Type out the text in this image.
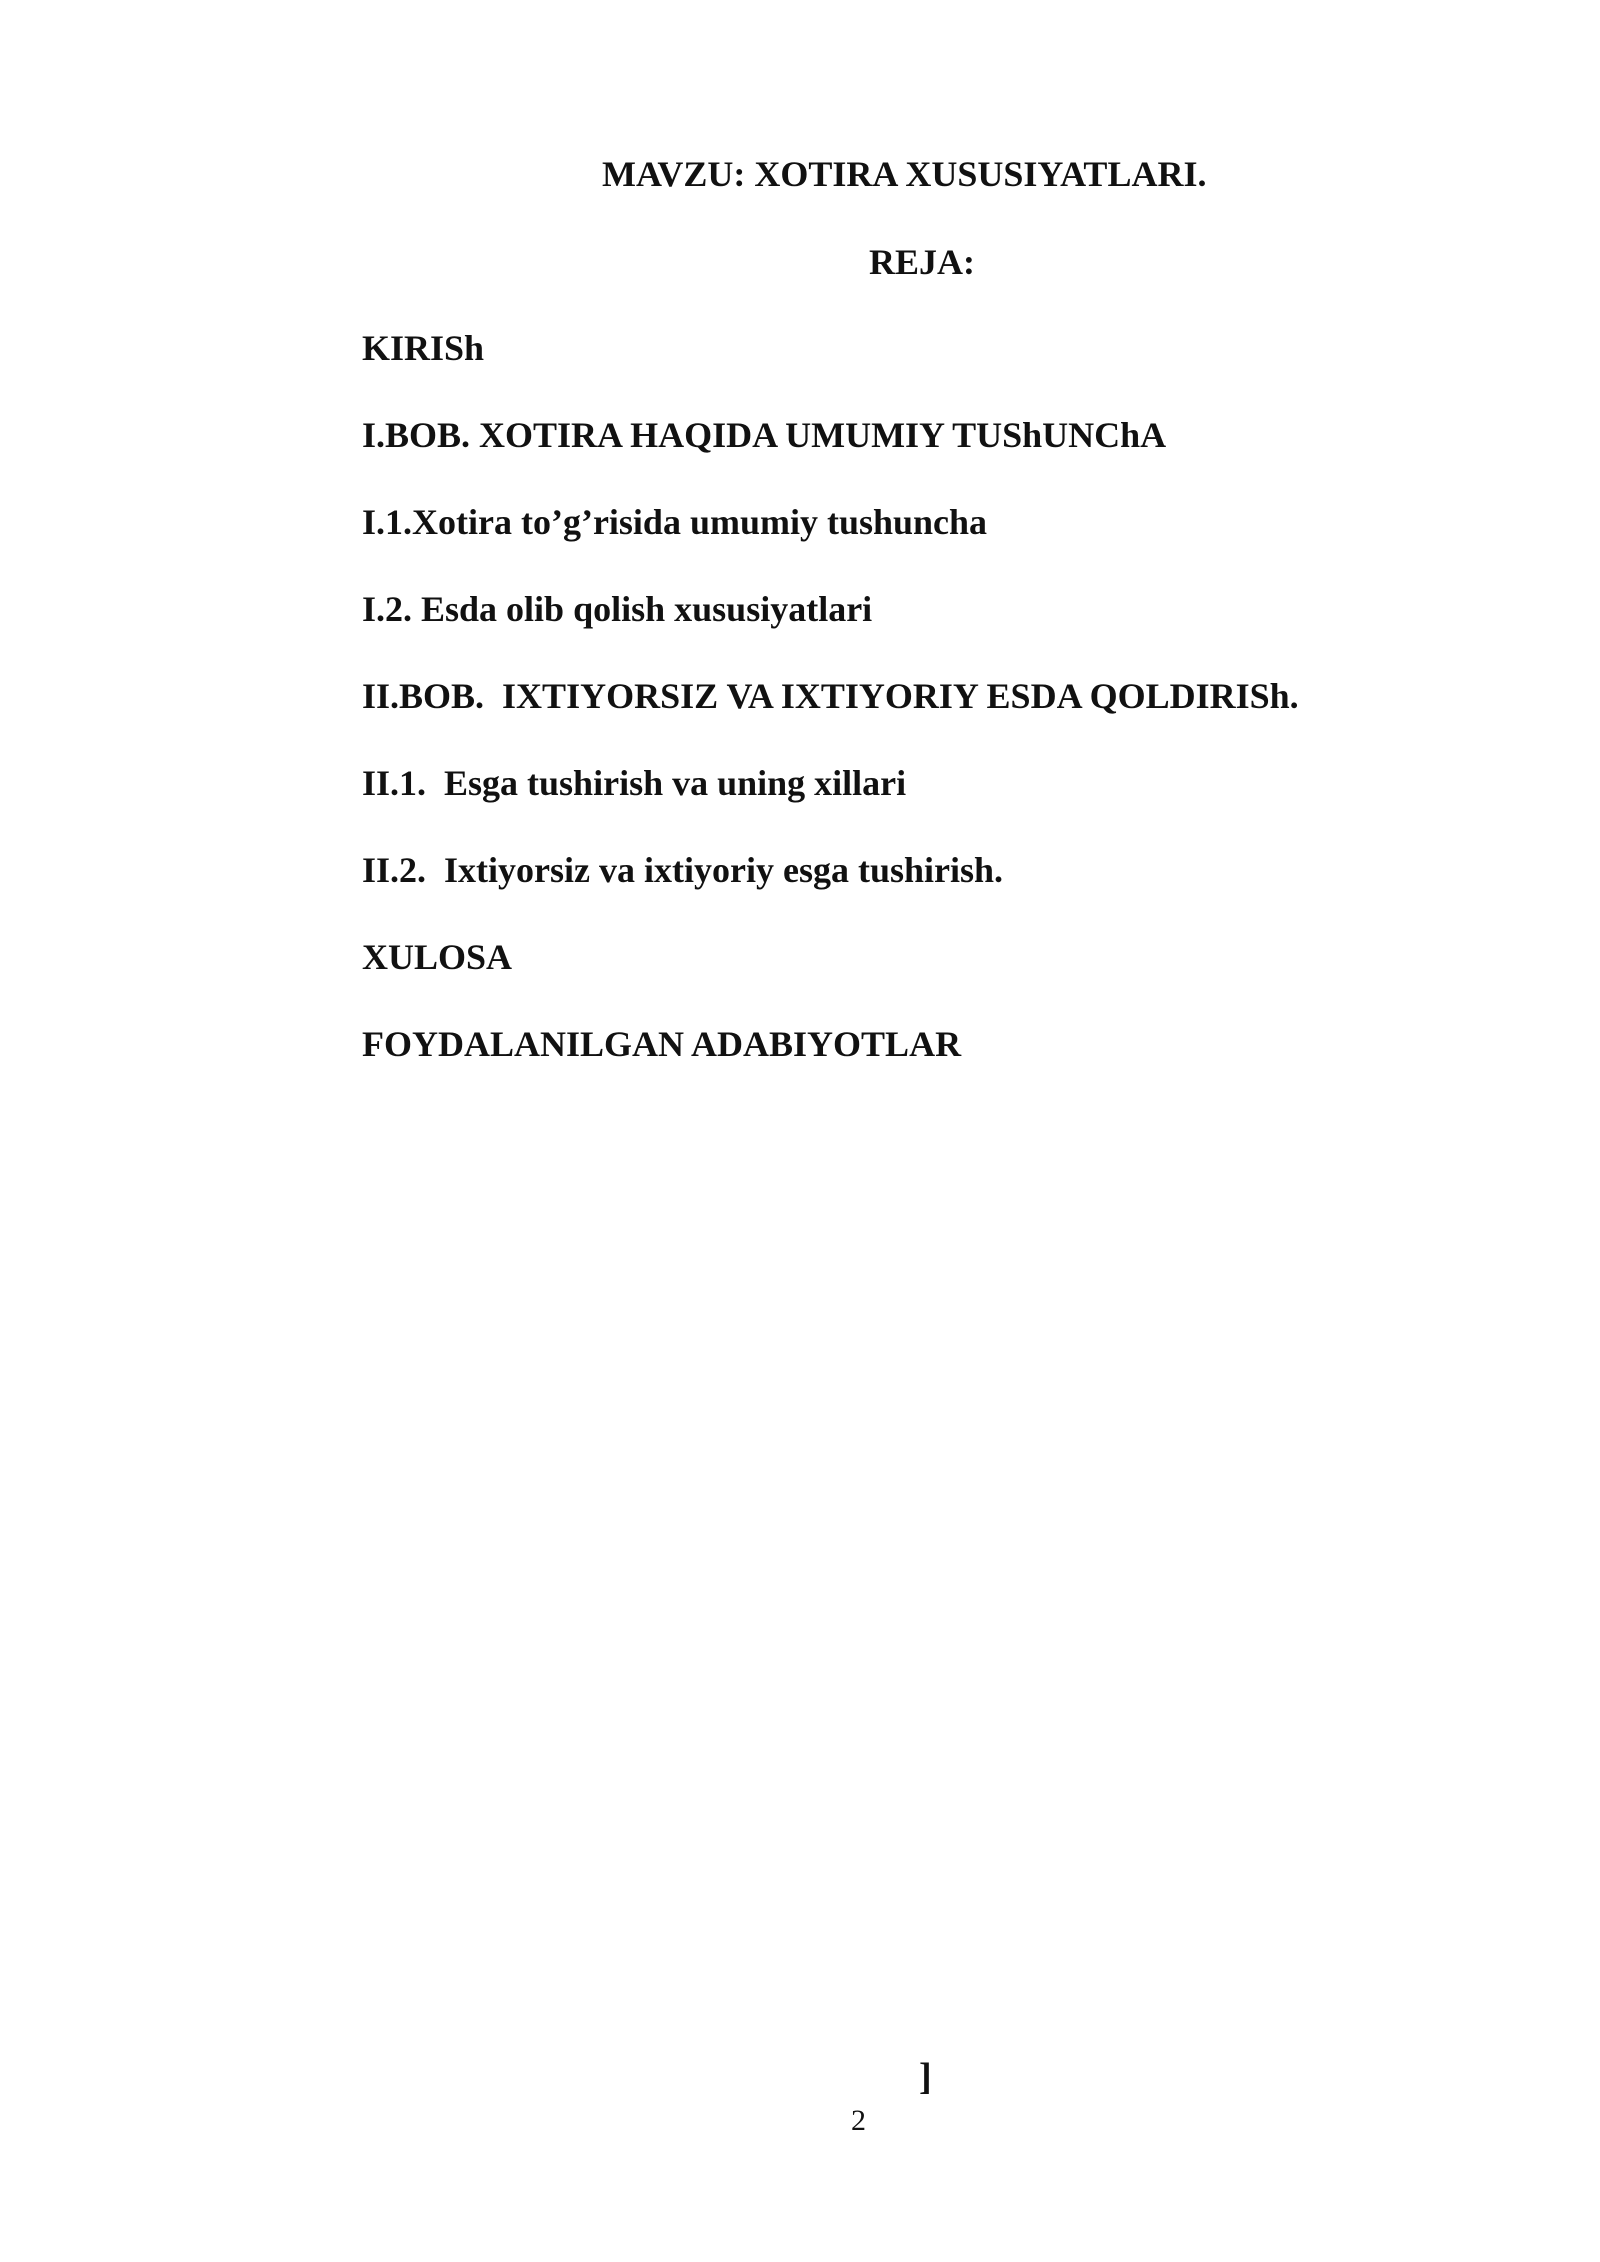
MAVZU: XOTIRA XUSUSIYATLARI.
REJA:
KIRISh
I.BOB. XOTIRA HAQIDA UMUMIY TUShUNChA
I.1.Xotira to’g’risida umumiy tushuncha
I.2. Esda olib qolish xususiyatlari
II.BOB.  IXTIYORSIZ VA IXTIYORIY ESDA QOLDIRISh.
II.1.  Esga tushirish va uning xillari
II.2.  Ixtiyorsiz va ixtiyoriy esga tushirish.
XULOSA
FOYDALANILGAN ADABIYOTLAR
]
2
